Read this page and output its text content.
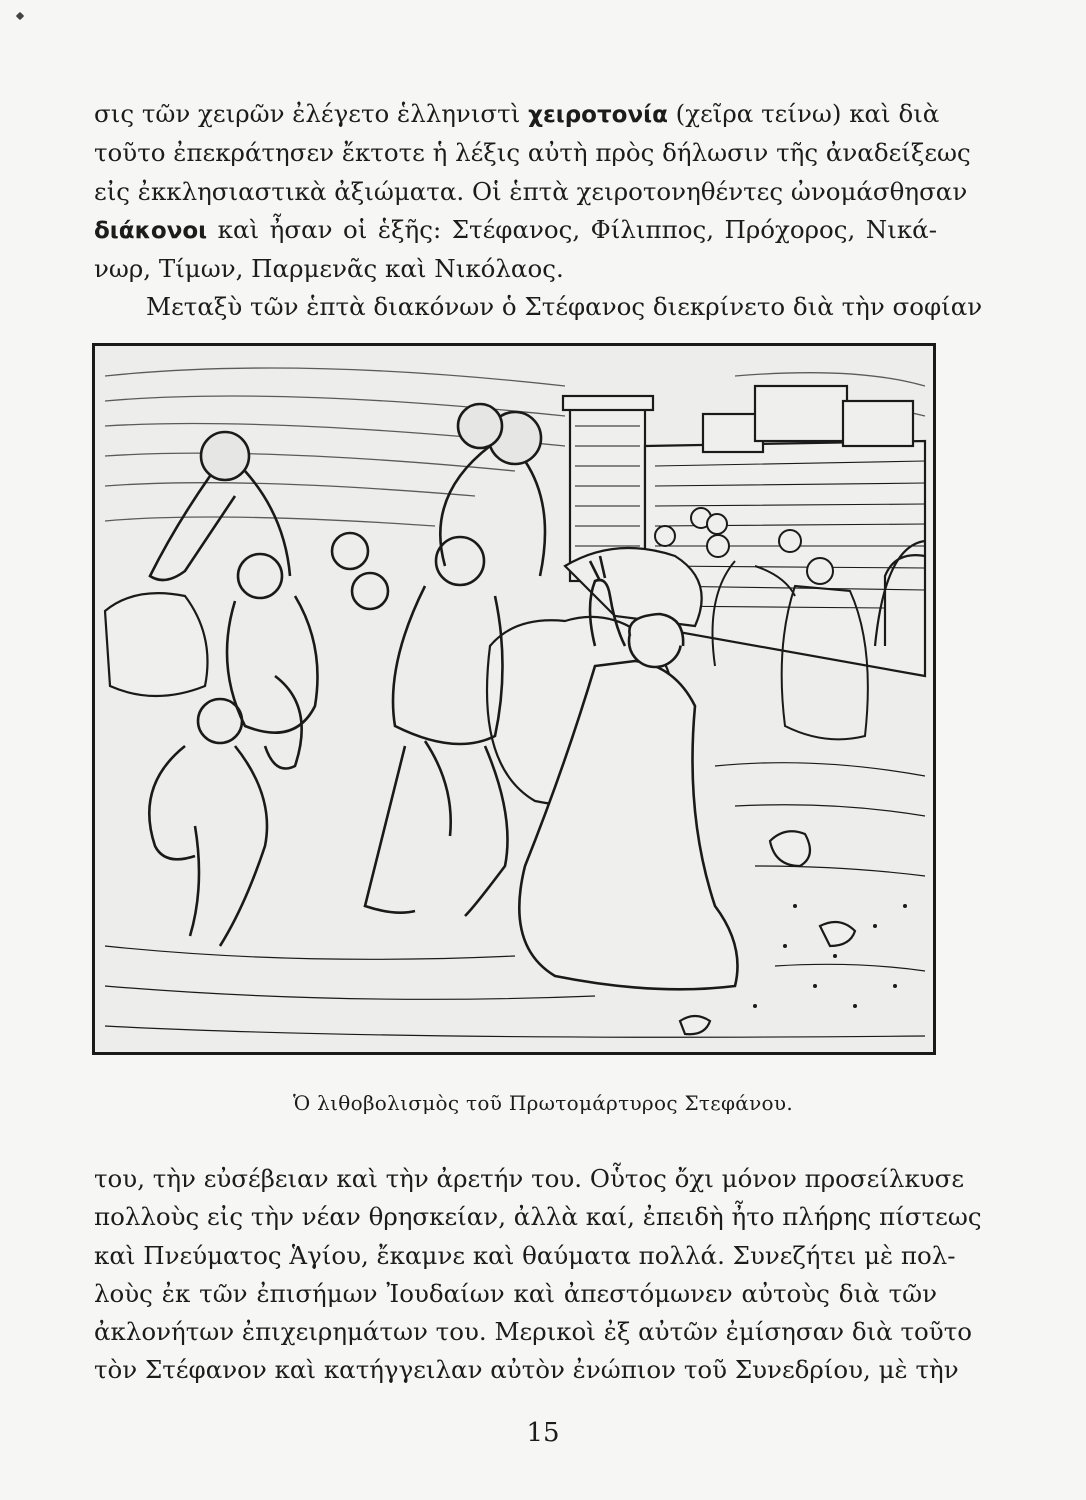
σις τῶν χειρῶν ἐλέγετο ἑλληνιστὶ χειροτονία (χεῖρα τείνω) καὶ διὰ
τοῦτο ἐπεκράτησεν ἔκτοτε ἡ λέξις αὐτὴ πρὸς δήλωσιν τῆς ἀναδείξεως
εἰς ἐκκλησιαστικὰ ἀξιώματα. Οἱ ἑπτὰ χειροτονηθέντες ὠνομάσθησαν
διάκονοι καὶ ἦσαν οἱ ἑξῆς: Στέφανος, Φίλιππος, Πρόχορος, Νικά-
νωρ, Τίμων, Παρμενᾶς καὶ Νικόλαος.
Μεταξὺ τῶν ἑπτὰ διακόνων ὁ Στέφανος διεκρίνετο διὰ τὴν σοφίαν
Ὁ λιθοβολισμὸς τοῦ Πρωτομάρτυρος Στεφάνου.
του, τὴν εὐσέβειαν καὶ τὴν ἀρετήν του. Οὗτος ὄχι μόνον προσείλκυσε
πολλοὺς εἰς τὴν νέαν θρησκείαν, ἀλλὰ καί, ἐπειδὴ ἦτο πλήρης πίστεως
καὶ Πνεύματος Ἁγίου, ἔκαμνε καὶ θαύματα πολλά. Συνεζήτει μὲ πολ-
λοὺς ἐκ τῶν ἐπισήμων Ἰουδαίων καὶ ἀπεστόμωνεν αὐτοὺς διὰ τῶν
ἀκλονήτων ἐπιχειρημάτων του. Μερικοὶ ἐξ αὐτῶν ἐμίσησαν διὰ τοῦτο
τὸν Στέφανον καὶ κατήγγειλαν αὐτὸν ἐνώπιον τοῦ Συνεδρίου, μὲ τὴν
15
